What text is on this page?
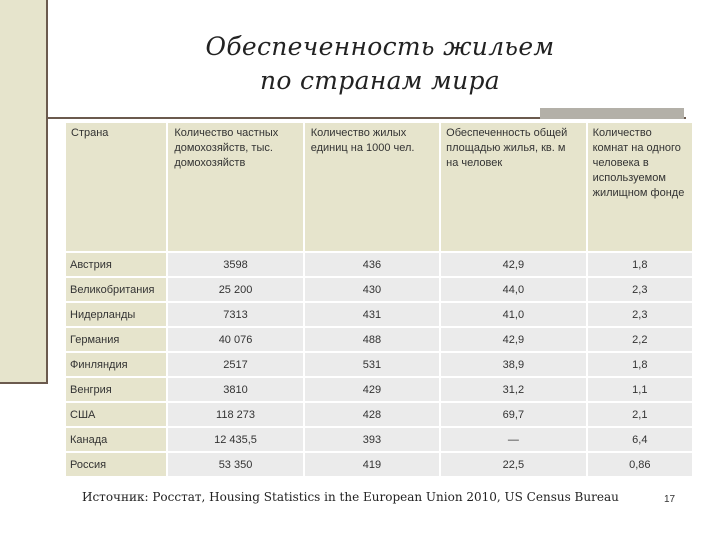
Обеспеченность жильем
по странам мира
Страна	Количество частных домохозяйств, тыс. домохозяйств	Количество жилых единиц на 1000 чел.	Обеспеченность общей площадью жилья, кв. м на человек	Количество комнат на одного человека в используемом жилищном фонде
Австрия	3598	436	42,9	1,8
Великобритания	25 200	430	44,0	2,3
Нидерланды	7313	431	41,0	2,3
Германия	40 076	488	42,9	2,2
Финляндия	2517	531	38,9	1,8
Венгрия	3810	429	31,2	1,1
США	118 273	428	69,7	2,1
Канада	12 435,5	393	—	6,4
Россия	53 350	419	22,5	0,86
Источник: Росстат, Housing Statistics in the European Union 2010, US Census Bureau	17
